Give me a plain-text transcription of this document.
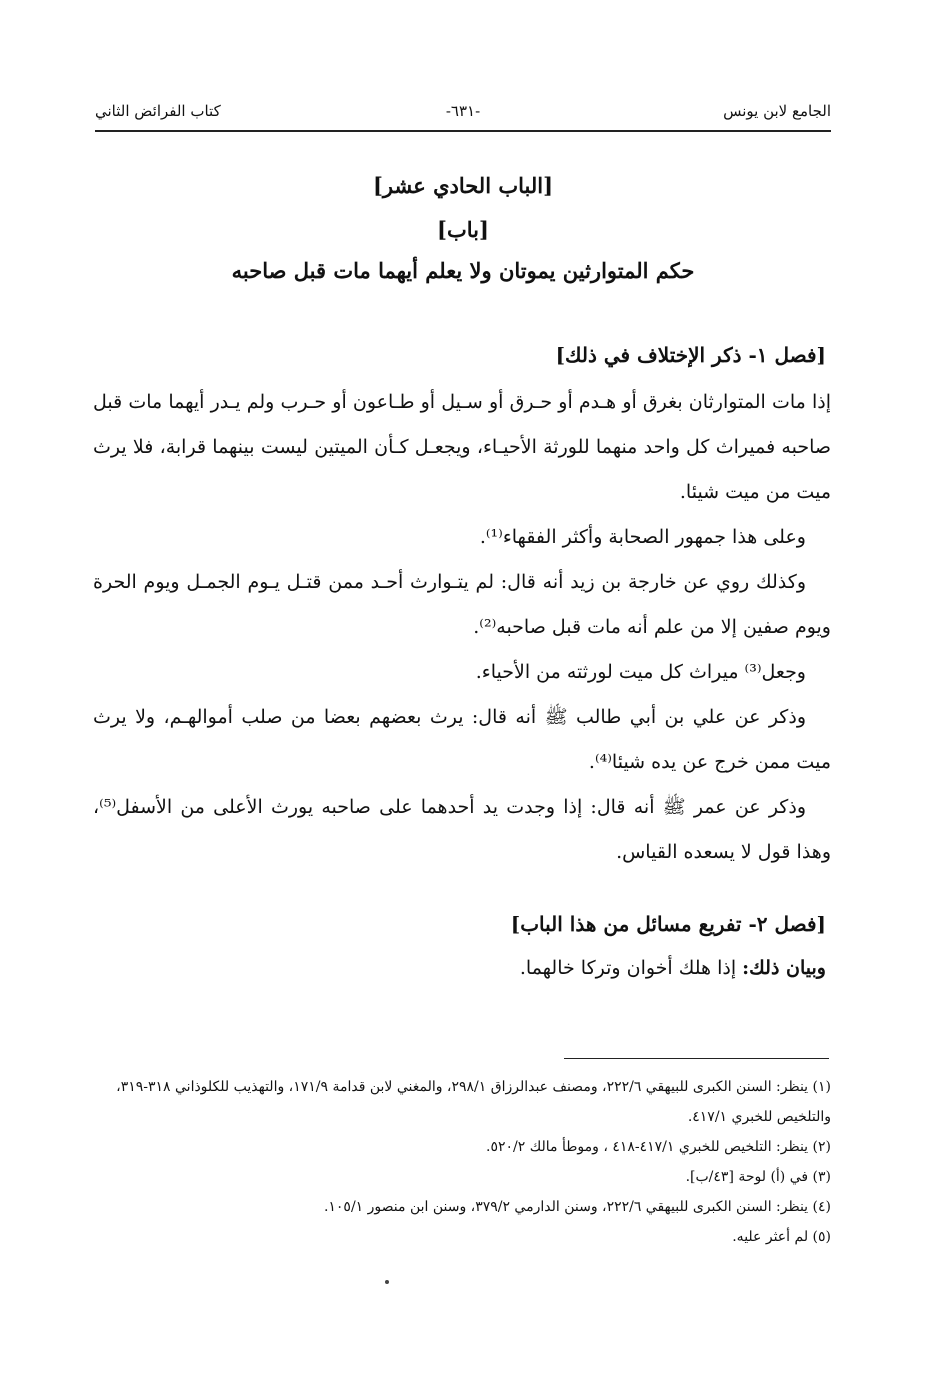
الجامع لابن يونس
-٦٣١-
كتاب الفرائض الثاني
[الباب الحادي عشر]
[باب]
حكم المتوارثين يموتان ولا يعلم أيهما مات قبل صاحبه
[فصل ١- ذكر الإختلاف في ذلك]

إذا مات المتوارثان بغرق أو هـدم أو حـرق أو سـيل أو طـاعون أو حـرب ولم يـدر أيهما مات قبل صاحبه فميراث كل واحد منهما للورثة الأحيـاء، ويجعـل كـأن الميتين ليست بينهما قرابة، فلا يرث ميت من ميت شيئا.

وعلى هذا جمهور الصحابة وأكثر الفقهاء⁽¹⁾.

وكذلك روي عن خارجة بن زيد أنه قال: لم يتـوارث أحـد ممن قتـل يـوم الجمـل ويوم الحرة ويوم صفين إلا من علم أنه مات قبل صاحبه⁽²⁾.

وجعل⁽³⁾ ميراث كل ميت لورثته من الأحياء.

وذكر عن علي بن أبي طالب ﷺ أنه قال: يرث بعضهم بعضا من صلب أموالهـم، ولا يرث ميت ممن خرج عن يده شيئا⁽⁴⁾.

وذكر عن عمر ﷺ أنه قال: إذا وجدت يد أحدهما على صاحبه يورث الأعلى من الأسفل⁽⁵⁾، وهذا قول لا يسعده القياس.

[فصل ٢- تفريع مسائل من هذا الباب]
وبيان ذلك: إذا هلك أخوان وتركا خالهما.
(١) ينظر: السنن الكبرى للبيهقي ٢٢٢/٦، ومصنف عبدالرزاق ٢٩٨/١، والمغني لابن قدامة ١٧١/٩، والتهذيب للكلوذاني ٣١٨-٣١٩، والتلخيص للخبري ٤١٧/١.
(٢) ينظر: التلخيص للخبري ٤١٧/١-٤١٨ ، وموطأ مالك ٥٢٠/٢.
(٣) في (أ) لوحة [٤٣/ب].
(٤) ينظر: السنن الكبرى للبيهقي ٢٢٢/٦، وسنن الدارمي ٣٧٩/٢، وسنن ابن منصور ١٠٥/١.
(٥) لم أعثر عليه.
